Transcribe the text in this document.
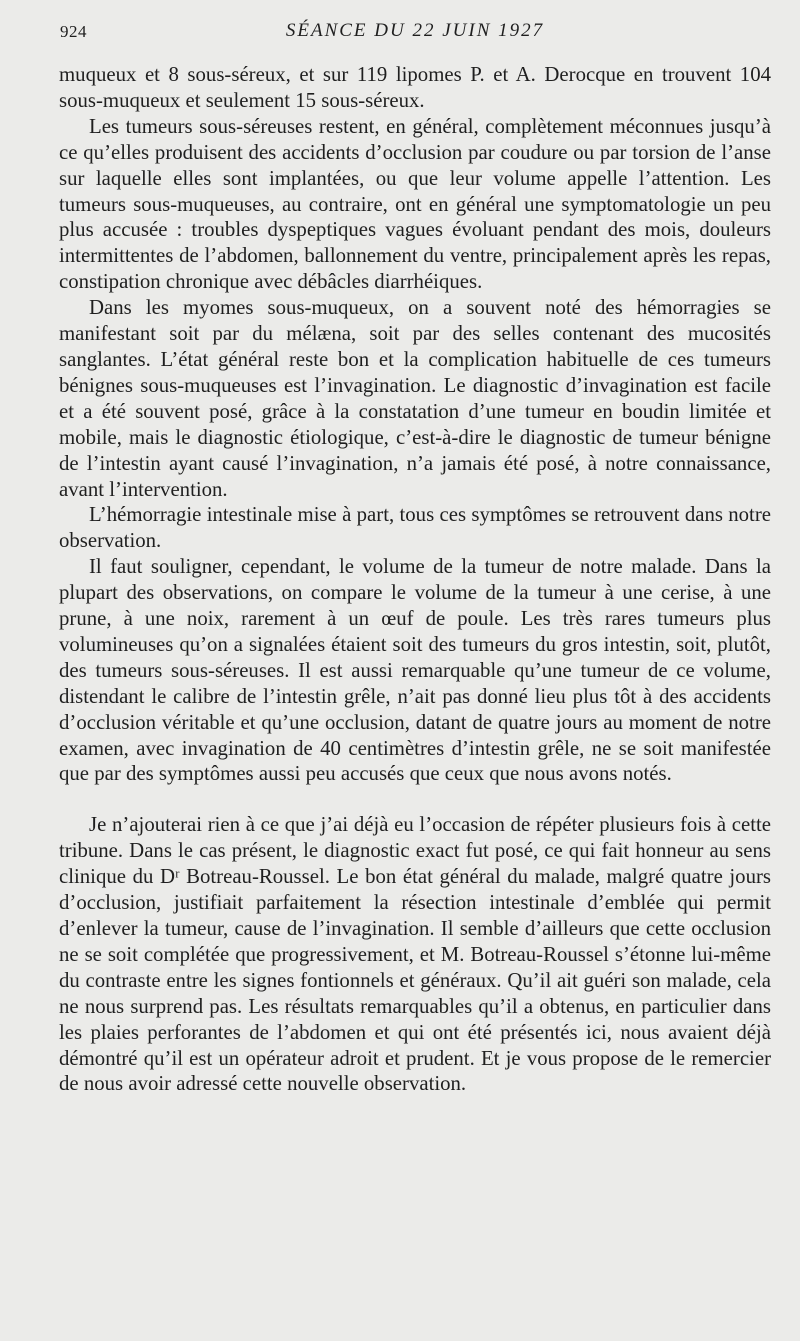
924	SÉANCE DU 22 JUIN 1927

muqueux et 8 sous-séreux, et sur 119 lipomes P. et A. Derocque en trouvent 104 sous-muqueux et seulement 15 sous-séreux.

Les tumeurs sous-séreuses restent, en général, complètement méconnues jusqu’à ce qu’elles produisent des accidents d’occlusion par coudure ou par torsion de l’anse sur laquelle elles sont implantées, ou que leur volume appelle l’attention. Les tumeurs sous-muqueuses, au contraire, ont en général une symptomatologie un peu plus accusée : troubles dyspeptiques vagues évoluant pendant des mois, douleurs intermittentes de l’abdomen, ballonnement du ventre, principalement après les repas, constipation chronique avec débâcles diarrhéiques.

Dans les myomes sous-muqueux, on a souvent noté des hémorragies se manifestant soit par du mélæna, soit par des selles contenant des mucosités sanglantes. L’état général reste bon et la complication habituelle de ces tumeurs bénignes sous-muqueuses est l’invagination. Le diagnostic d’invagination est facile et a été souvent posé, grâce à la constatation d’une tumeur en boudin limitée et mobile, mais le diagnostic étiologique, c’est-à-dire le diagnostic de tumeur bénigne de l’intestin ayant causé l’invagination, n’a jamais été posé, à notre connaissance, avant l’intervention.

L’hémorragie intestinale mise à part, tous ces symptômes se retrouvent dans notre observation.

Il faut souligner, cependant, le volume de la tumeur de notre malade. Dans la plupart des observations, on compare le volume de la tumeur à une cerise, à une prune, à une noix, rarement à un œuf de poule. Les très rares tumeurs plus volumineuses qu’on a signalées étaient soit des tumeurs du gros intestin, soit, plutôt, des tumeurs sous-séreuses. Il est aussi remarquable qu’une tumeur de ce volume, distendant le calibre de l’intestin grêle, n’ait pas donné lieu plus tôt à des accidents d’occlusion véritable et qu’une occlusion, datant de quatre jours au moment de notre examen, avec invagination de 40 centimètres d’intestin grêle, ne se soit manifestée que par des symptômes aussi peu accusés que ceux que nous avons notés.

Je n’ajouterai rien à ce que j’ai déjà eu l’occasion de répéter plusieurs fois à cette tribune. Dans le cas présent, le diagnostic exact fut posé, ce qui fait honneur au sens clinique du Dʳ Botreau-Roussel. Le bon état général du malade, malgré quatre jours d’occlusion, justifiait parfaitement la résection intestinale d’emblée qui permit d’enlever la tumeur, cause de l’invagination. Il semble d’ailleurs que cette occlusion ne se soit complétée que progressivement, et M. Botreau-Roussel s’étonne lui-même du contraste entre les signes fontionnels et généraux. Qu’il ait guéri son malade, cela ne nous surprend pas. Les résultats remarquables qu’il a obtenus, en particulier dans les plaies perforantes de l’abdomen et qui ont été présentés ici, nous avaient déjà démontré qu’il est un opérateur adroit et prudent. Et je vous propose de le remercier de nous avoir adressé cette nouvelle observation.
